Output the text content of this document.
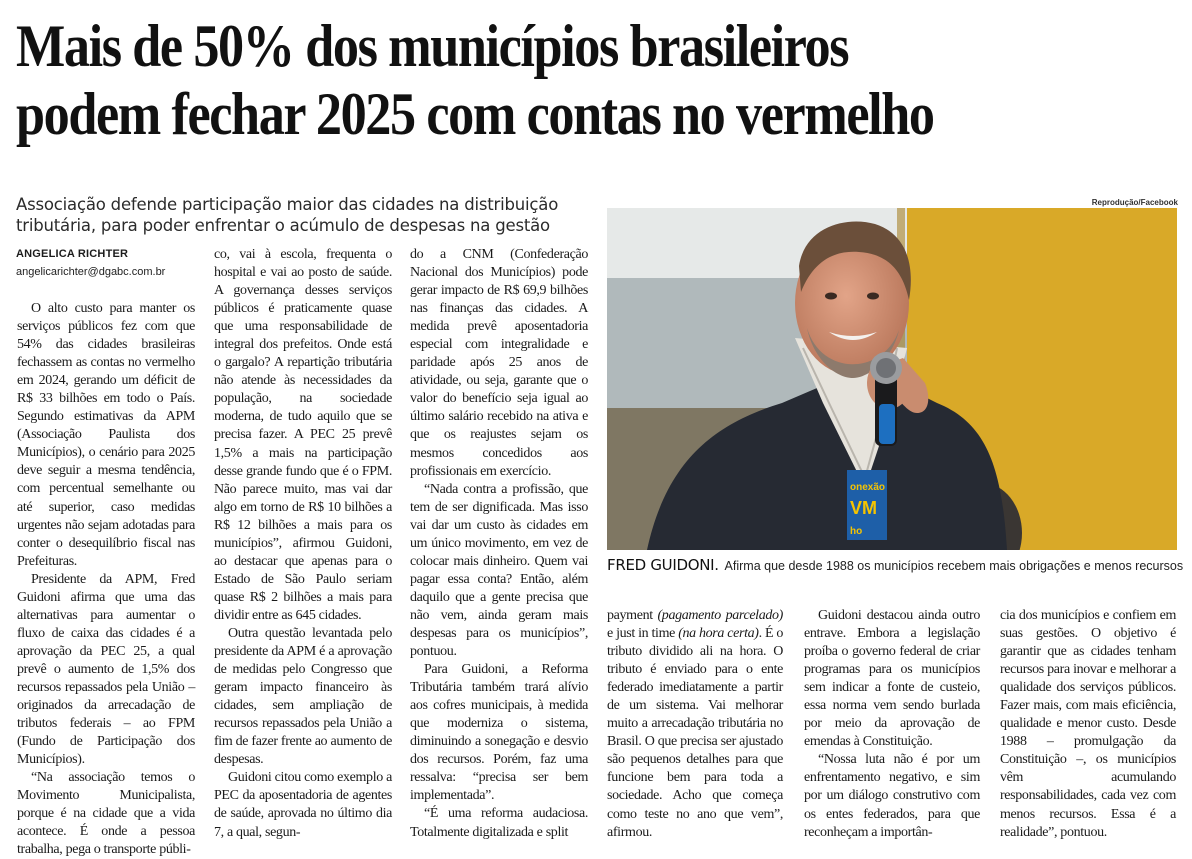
Mais de 50% dos municípios brasileiros
podem fechar 2025 com contas no vermelho

Associação defende participação maior das cidades na distribuição tributária, para poder enfrentar o acúmulo de despesas na gestão

ANGELICA RICHTER
angelicarichter@dgabc.com.br

O alto custo para manter os serviços públicos fez com que 54% das cidades brasileiras fechassem as contas no vermelho em 2024, gerando um déficit de R$ 33 bilhões em todo o País. Segundo estimativas da APM (Associação Paulista dos Municípios), o cenário para 2025 deve seguir a mesma tendência, com percentual semelhante ou até superior, caso medidas urgentes não sejam adotadas para conter o desequilíbrio fiscal nas Prefeituras.

Presidente da APM, Fred Guidoni afirma que uma das alternativas para aumentar o fluxo de caixa das cidades é a aprovação da PEC 25, a qual prevê o aumento de 1,5% dos recursos repassados pela União – originados da arrecadação de tributos federais – ao FPM (Fundo de Participação dos Municípios).

“Na associação temos o Movimento Municipalista, porque é na cidade que a vida acontece. É onde a pessoa trabalha, pega o transporte públi-

co, vai à escola, frequenta o hospital e vai ao posto de saúde. A governança desses serviços públicos é praticamente quase que uma responsabilidade de integral dos prefeitos. Onde está o gargalo? A repartição tributária não atende às necessidades da população, na sociedade moderna, de tudo aquilo que se precisa fazer. A PEC 25 prevê 1,5% a mais na participação desse grande fundo que é o FPM. Não parece muito, mas vai dar algo em torno de R$ 10 bilhões a R$ 12 bilhões a mais para os municípios”, afirmou Guidoni, ao destacar que apenas para o Estado de São Paulo seriam quase R$ 2 bilhões a mais para dividir entre as 645 cidades.

Outra questão levantada pelo presidente da APM é a aprovação de medidas pelo Congresso que geram impacto financeiro às cidades, sem ampliação de recursos repassados pela União a fim de fazer frente ao aumento de despesas.

Guidoni citou como exemplo a PEC da aposentadoria de agentes de saúde, aprovada no último dia 7, a qual, segun-

do a CNM (Confederação Nacional dos Municípios) pode gerar impacto de R$ 69,9 bilhões nas finanças das cidades. A medida prevê aposentadoria especial com integralidade e paridade após 25 anos de atividade, ou seja, garante que o valor do benefício seja igual ao último salário recebido na ativa e que os reajustes sejam os mesmos concedidos aos profissionais em exercício.

“Nada contra a profissão, que tem de ser dignificada. Mas isso vai dar um custo às cidades em um único movimento, em vez de colocar mais dinheiro. Quem vai pagar essa conta? Então, além daquilo que a gente precisa que não vem, ainda geram mais despesas para os municípios”, pontuou.

Para Guidoni, a Reforma Tributária também trará alívio aos cofres municipais, à medida que moderniza o sistema, diminuindo a sonegação e desvio dos recursos. Porém, faz uma ressalva: “precisa ser bem implementada”.

“É uma reforma audaciosa. Totalmente digitalizada e split

Reprodução/Facebook
onexão
VM
ho
FRED GUIDONI. Afirma que desde 1988 os municípios recebem mais obrigações e menos recursos

payment (pagamento parcelado) e just in time (na hora certa). É o tributo dividido ali na hora. O tributo é enviado para o ente federado imediatamente a partir de um sistema. Vai melhorar muito a arrecadação tributária no Brasil. O que precisa ser ajustado são pequenos detalhes para que funcione bem para toda a sociedade. Acho que começa como teste no ano que vem”, afirmou.

Guidoni destacou ainda outro entrave. Embora a legislação proíba o governo federal de criar programas para os municípios sem indicar a fonte de custeio, essa norma vem sendo burlada por meio da aprovação de emendas à Constituição.

“Nossa luta não é por um enfrentamento negativo, e sim por um diálogo construtivo com os entes federados, para que reconheçam a importân-

cia dos municípios e confiem em suas gestões. O objetivo é garantir que as cidades tenham recursos para inovar e melhorar a qualidade dos serviços públicos. Fazer mais, com mais eficiência, qualidade e menor custo. Desde 1988 – promulgação da Constituição –, os municípios vêm acumulando responsabilidades, cada vez com menos recursos. Essa é a realidade”, pontuou.
